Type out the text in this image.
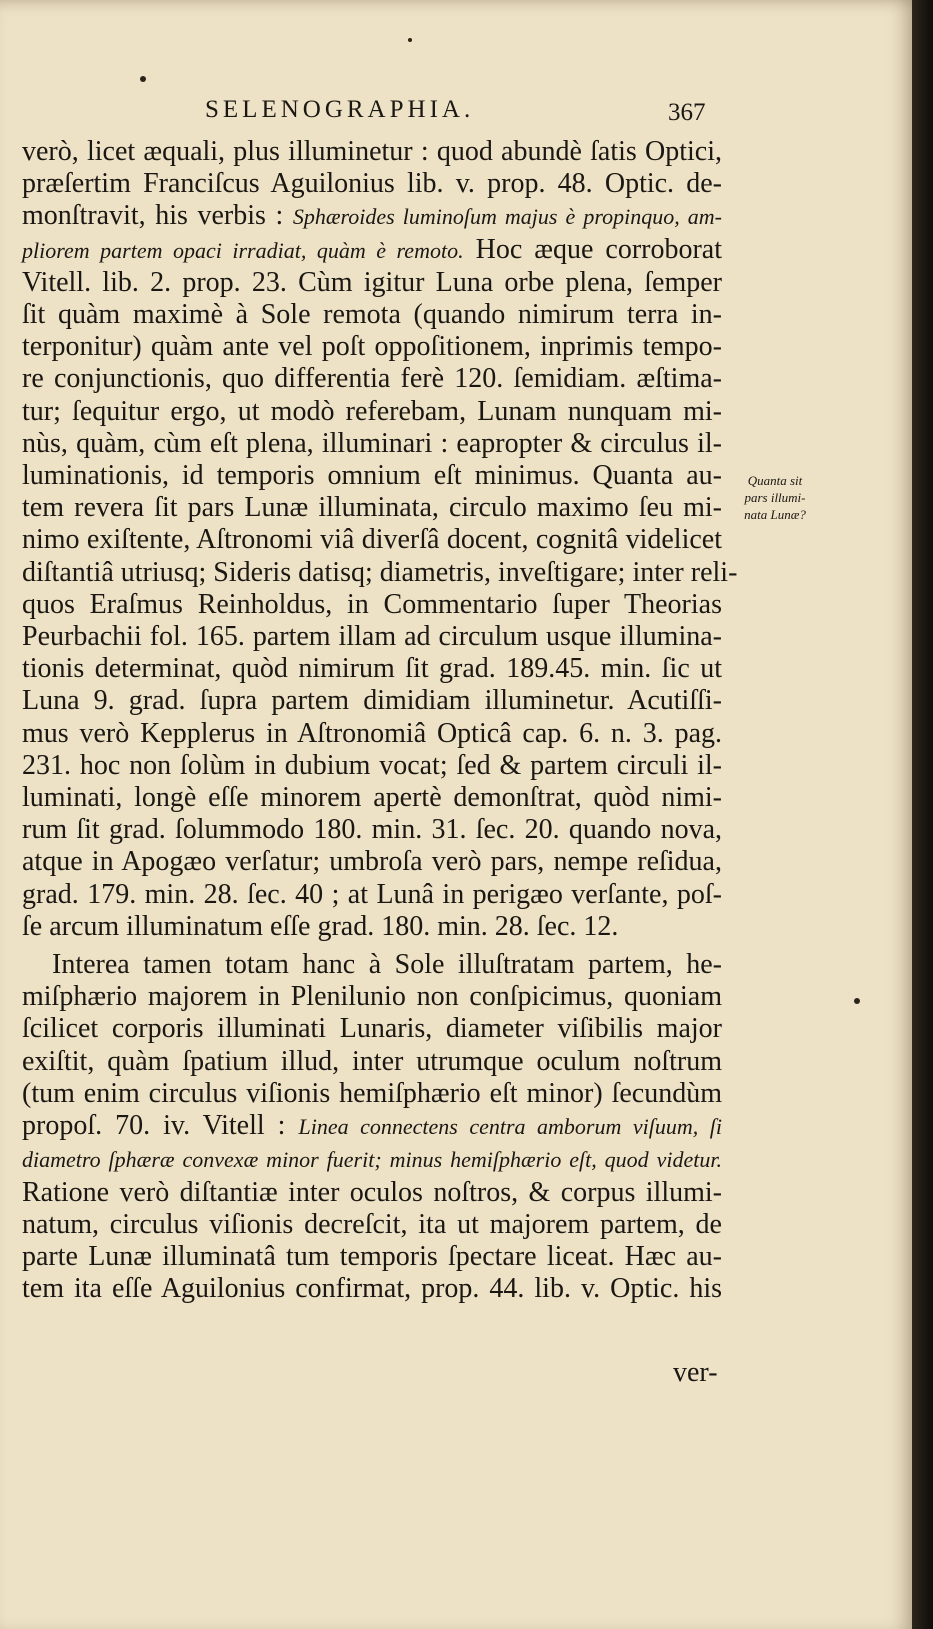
SELENOGRAPHIA.	367
verò, licet æquali, plus illuminetur : quod abundè ſatis Optici,
præſertim Franciſcus Aguilonius lib. v. prop. 48. Optic. de-
monſtravit, his verbis : Sphæroides luminoſum majus è propinquo, am-
pliorem partem opaci irradiat, quàm è remoto. Hoc æque corroborat
Vitell. lib. 2. prop. 23. Cùm igitur Luna orbe plena, ſemper
ſit quàm maximè à Sole remota (quando nimirum terra in-
terponitur) quàm ante vel poſt oppoſitionem, inprimis tempo-
re conjunctionis, quo differentia ferè 120. ſemidiam. æſtima-
tur; ſequitur ergo, ut modò referebam, Lunam nunquam mi-
nùs, quàm, cùm eſt plena, illuminari : eapropter & circulus il-
luminationis, id temporis omnium eſt minimus. Quanta au-
tem revera ſit pars Lunæ illuminata, circulo maximo ſeu mi-
nimo exiſtente, Aſtronomi viâ diverſâ docent, cognitâ videlicet
diſtantiâ utriusq; Sideris datisq; diametris, inveſtigare; inter reli-
quos Eraſmus Reinholdus, in Commentario ſuper Theorias
Peurbachii fol. 165. partem illam ad circulum usque illumina-
tionis determinat, quòd nimirum ſit grad. 189.45. min. ſic ut
Luna 9. grad. ſupra partem dimidiam illuminetur. Acutiſſi-
mus verò Kepplerus in Aſtronomiâ Opticâ cap. 6. n. 3. pag.
231. hoc non ſolùm in dubium vocat; ſed & partem circuli il-
luminati, longè eſſe minorem apertè demonſtrat, quòd nimi-
rum ſit grad. ſolummodo 180. min. 31. ſec. 20. quando nova,
atque in Apogæo verſatur; umbroſa verò pars, nempe reſidua,
grad. 179. min. 28. ſec. 40 ; at Lunâ in perigæo verſante, poſ-
ſe arcum illuminatum eſſe grad. 180. min. 28. ſec. 12.
Interea tamen totam hanc à Sole illuſtratam partem, he-
miſphærio majorem in Plenilunio non conſpicimus, quoniam
ſcilicet corporis illuminati Lunaris, diameter viſibilis major
exiſtit, quàm ſpatium illud, inter utrumque oculum noſtrum
(tum enim circulus viſionis hemiſphærio eſt minor) ſecundùm
propoſ. 70. iv. Vitell : Linea connectens centra amborum viſuum, ſi
diametro ſphæræ convexæ minor fuerit; minus hemiſphærio eſt, quod videtur.
Ratione verò diſtantiæ inter oculos noſtros, & corpus illumi-
natum, circulus viſionis decreſcit, ita ut majorem partem, de
parte Lunæ illuminatâ tum temporis ſpectare liceat. Hæc au-
tem ita eſſe Aguilonius confirmat, prop. 44. lib. v. Optic. his
ver-
Quanta sit
pars illumi-
nata Lunæ?
